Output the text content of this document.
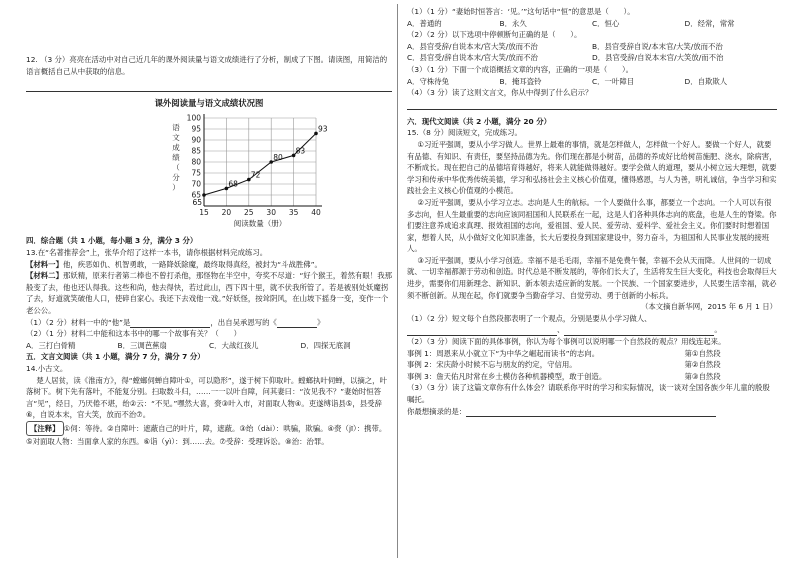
12. （3 分）亮亮在活动中对自己近几年的课外阅读量与语文成绩进行了分析，制成了下图。请读图，用简洁的语言概括自己从中获取的信息。
课外阅读量与语文成绩状况图
65
70
75
80
85
90
95
100
15 20 25 30 35 40
语
文
成
绩
（
分
）
阅读数量（册）
65
68
72
80
83
93
四．综合题（共 1 小题，每小题 3 分，满分 3 分）
13.在“名著推荐会”上，张华介绍了这样一本书，请你根据材料完成练习。
【材料一】他，疾恶如仇、机智勇敢，一路降妖除魔，最终取得真经，被封为“斗战胜佛”。
【材料二】那妖精，原来行者第二棒也不曾打杀他，那怪物在半空中，夸奖不尽道：“好个猴王，着然有眼！我那般变了去，他也还认得我。这些和尚，他去得快，若过此山，西下四十里，就不伏我所管了。若是被别处妖魔拐了去，好道就笑破他人口，使碎自家心。我还下去戏他一戏。”好妖怪，按耸阴风，在山坡下摇身一变，变作一个老公公。
（1）（2 分）材料一中的“他”是	，出自吴承恩写的《	》
（2）（1 分）材料二中能和这本书中的哪一个故事有关？（　　）
A．三打白骨精	B．三调芭蕉扇	C．大战红孩儿	D．四探无底洞
五．文言文阅读（共 1 小题，满分 7 分，满分 7 分）
14.小古文。
楚人居贫，读《淮南方》，得“螳螂伺蝉自障叶①，可以隐形”，遂于树下仰取叶。螳螂执叶伺蝉，以摘之，叶落树下。树下先有落叶，不能复分别。扫取数斗归，……一一以叶自障，问其妻曰：“汝见我不？”妻始时恒答言“见”，经日，乃厌倦不堪，绐②云：“不见。”嘿然大喜，赍③叶入市，对面取人物④。吏遂缚诣县⑤，县受辞⑥，自说本末，官大笑，放而不治⑦。
【注释】 ①伺：等待。②自障叶：遮蔽自己的叶片，障，遮蔽。③绐（dài）：哄骗，欺骗。④赍（jī）：携带。⑤对面取人物：当面拿人家的东西。⑥诣（yì）：到……去。⑦受辞：受理诉讼。⑧治：治罪。
（1）（1 分）“妻始时恒答言：‘见。’”这句话中“恒”的意思是（　　）。
A．普通的	B．永久	C．恒心	D．经常，常常
（2）（2 分）以下选项中停顿断句正确的是（　　）。
A．县官受辞/自说本末/官大笑/放而不治	B．县官受辞自说/本末官/大笑/放而不治
C．县官受/辞自说本末/官大笑/放而不治	D．县官受辞/自说本末官/大笑放/而不治
（3）（1 分）下面一个成语概括文章的内容，正确的一项是（　　）。
A．守株待兔	B．掩耳盗铃	C．一叶障目	D．自欺欺人
（4）（3 分）读了这则文言文，你从中得到了什么启示？
六．现代文阅读（共 2 小题，满分 20 分）
15.（8 分）阅读短文，完成练习。
①习近平强调，要从小学习做人。世界上最难的事情，就是怎样做人，怎样做一个好人。要做一个好人，就要有品德、有知识、有责任，要坚持品德为先。你们现在都是小树苗，品德的养成好比给树苗施肥、浇水，除病害，不断成长。现在把自己的品德培育得越好，将来人就能做得越好。要学会做人的道理，要从小树立远大理想，就要学习和传承中华优秀传统美德，学习和弘扬社会主义核心价值观，懂得感恩，与人为善，明礼诚信，争当学习和实践社会主义核心价值观的小模范。
②习近平强调，要从小学习立志。志向是人生的航标。一个人要做什么事，都要立一个志向。一个人可以有很多志向，但人生最重要的志向应该同祖国和人民联系在一起，这是人们各种具体志向的底盘，也是人生的脊梁。你们要注意养成追求真理、报效祖国的志向，爱祖国、爱人民、爱劳动、爱科学、爱社会主义。你们要时时想着国家，想着人民，从小做好文化知识准备，长大后要投身到国家建设中，努力奋斗，为祖国和人民事业发展的接班人。
③习近平强调，要从小学习创造。幸福不是毛毛雨，幸福不是免费午餐，幸福不会从天而降。人世间的一切成就、一切幸福都源于劳动和创造。时代总是不断发展的，等你们长大了，生活将发生巨大变化，科技也会取得巨大进步，需要你们用新理念、新知识、新本领去适应新的发展。一个民族、一个国家要进步，人民要生活幸福，就必须不断创新。从现在起，你们就要争当勤奋学习、自觉劳动、勇于创新的小标兵。
（本文摘自新华网，2015 年 6 月 1 日）
（1）（2 分）短文每个自然段都表明了一个观点，分别是要从小学习做人、
、	。
（2）（3 分）阅读下面的具体事例，你认为每个事例可以说明哪一个自然段的观点？用线连起来。
事例 1：周恩来从小就立下“为中华之崛起而读书”的志向。	第①自然段
事例 2：宋庆龄小时候不忘与朋友的约定，守信用。	第②自然段
事例 3：詹天佑凡时常在乡土模仿各种机器模型，敢于创造。	第③自然段
（3）（3 分）读了这篇文章你有什么体会？请联系你平时的学习和实际情况，谈一谈对全国各族少年儿童的殷殷嘱托。
你最想摘录的是：
